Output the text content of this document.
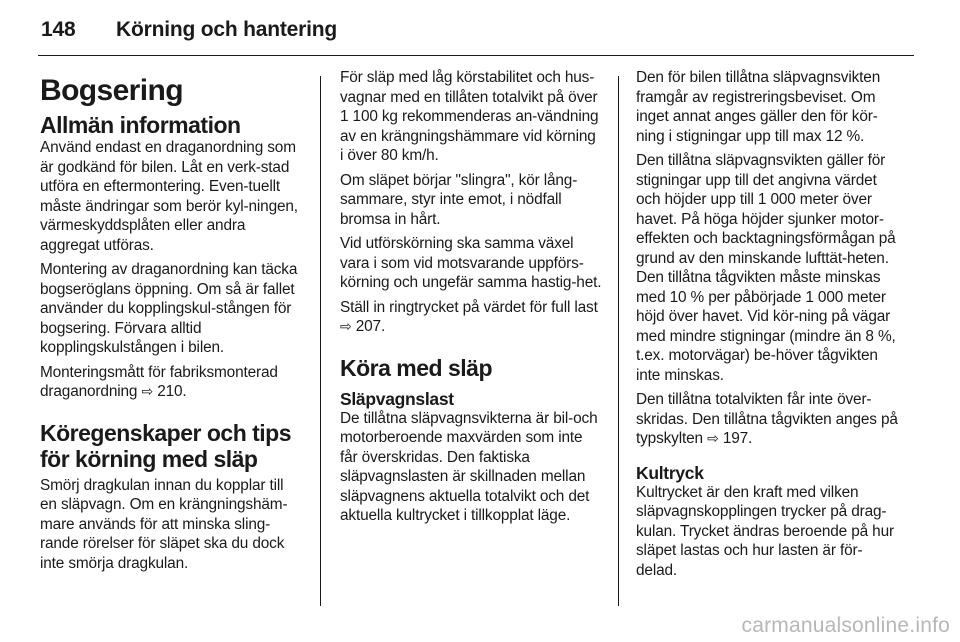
148 Körning och hantering
Bogsering
Allmän information

Använd endast en draganordning som är godkänd för bilen. Låt en verk-stad utföra en eftermontering. Even-tuellt måste ändringar som berör kyl-ningen, värmeskyddsplåten eller andra aggregat utföras.

Montering av draganordning kan täcka bogseröglans öppning. Om så är fallet använder du kopplingskul-stången för bogsering. Förvara alltid kopplingskulstången i bilen.

Monteringsmått för fabriksmonterad draganordning ⇨ 210.

Köregenskaper och tips för körning med släp

Smörj dragkulan innan du kopplar till en släpvagn. Om en krängningshäm-mare används för att minska sling-rande rörelser för släpet ska du dock inte smörja dragkulan.

För släp med låg körstabilitet och hus-vagnar med en tillåten totalvikt på över 1 100 kg rekommenderas an-vändning av en krängningshämmare vid körning i över 80 km/h.

Om släpet börjar "slingra", kör lång-sammare, styr inte emot, i nödfall bromsa in hårt.

Vid utförskörning ska samma växel vara i som vid motsvarande uppförs-körning och ungefär samma hastig-het.

Ställ in ringtrycket på värdet för full last ⇨ 207.

Köra med släp
Släpvagnslast

De tillåtna släpvagnsvikterna är bil-och motorberoende maxvärden som inte får överskridas. Den faktiska släpvagnslasten är skillnaden mellan släpvagnens aktuella totalvikt och det aktuella kultrycket i tillkopplat läge.

Den för bilen tillåtna släpvagnsvikten framgår av registreringsbeviset. Om inget annat anges gäller den för kör-ning i stigningar upp till max 12 %.

Den tillåtna släpvagnsvikten gäller för stigningar upp till det angivna värdet och höjder upp till 1 000 meter över havet. På höga höjder sjunker motor-effekten och backtagningsförmågan på grund av den minskande lufttät-heten. Den tillåtna tågvikten måste minskas med 10 % per påbörjade 1 000 meter höjd över havet. Vid kör-ning på vägar med mindre stigningar (mindre än 8 %, t.ex. motorvägar) be-höver tågvikten inte minskas.

Den tillåtna totalvikten får inte över-skridas. Den tillåtna tågvikten anges på typskylten ⇨ 197.

Kultryck

Kultrycket är den kraft med vilken släpvagnskopplingen trycker på drag-kulan. Trycket ändras beroende på hur släpet lastas och hur lasten är för-delad.

carmanualsonline.info
